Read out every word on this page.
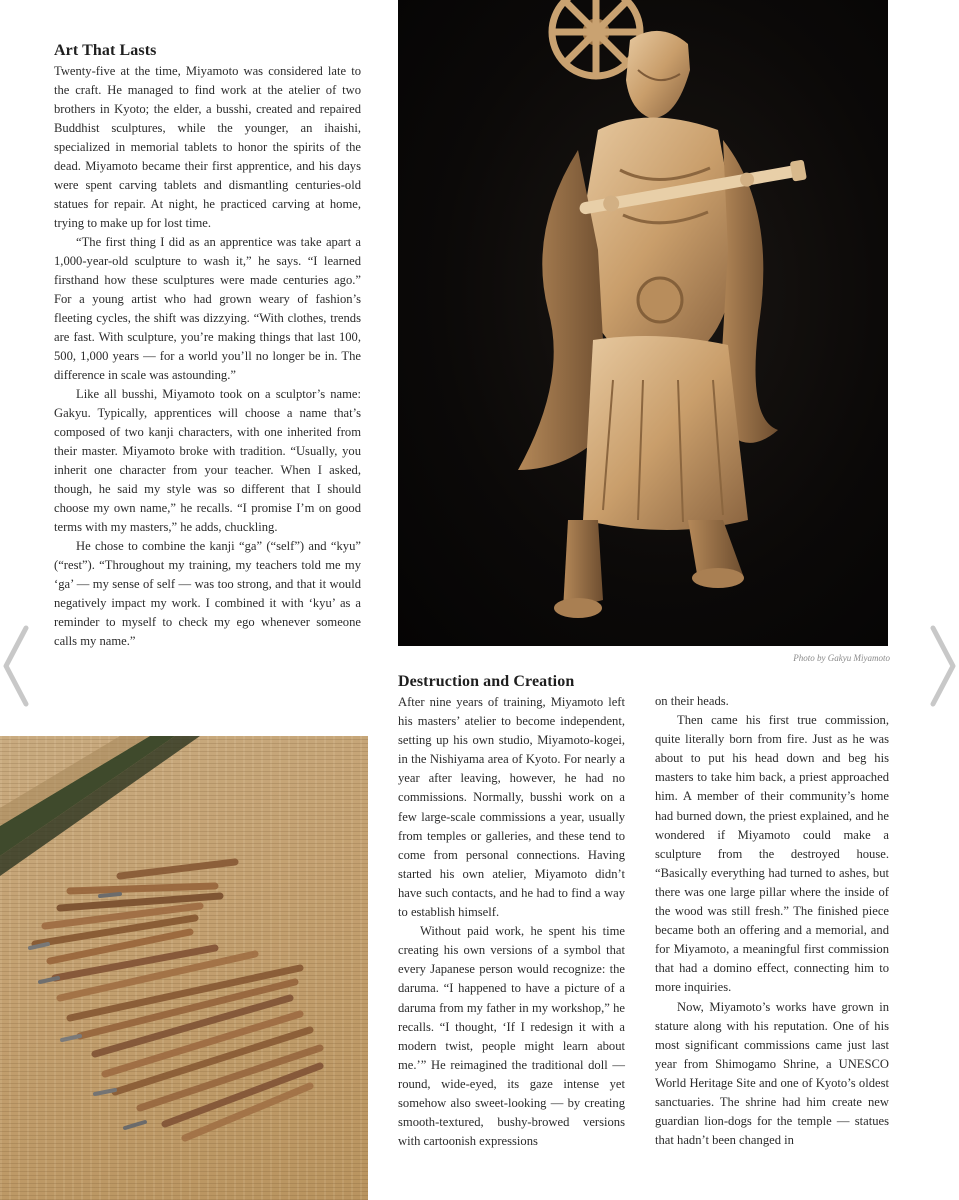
Art That Lasts

Twenty-five at the time, Miyamoto was considered late to the craft. He managed to find work at the atelier of two brothers in Kyoto; the elder, a busshi, created and repaired Buddhist sculptures, while the younger, an ihaishi, specialized in memorial tablets to honor the spirits of the dead. Miyamoto became their first apprentice, and his days were spent carving tablets and dismantling centuries-old statues for repair. At night, he practiced carving at home, trying to make up for lost time.

“The first thing I did as an apprentice was take apart a 1,000-year-old sculpture to wash it,” he says. “I learned firsthand how these sculptures were made centuries ago.” For a young artist who had grown weary of fashion’s fleeting cycles, the shift was dizzying. “With clothes, trends are fast. With sculpture, you’re making things that last 100, 500, 1,000 years — for a world you’ll no longer be in. The difference in scale was astounding.”

Like all busshi, Miyamoto took on a sculptor’s name: Gakyu. Typically, apprentices will choose a name that’s composed of two kanji characters, with one inherited from their master. Miyamoto broke with tradition. “Usually, you inherit one character from your teacher. When I asked, though, he said my style was so different that I should choose my own name,” he recalls. “I promise I’m on good terms with my masters,” he adds, chuckling.

He chose to combine the kanji “ga” (“self”) and “kyu” (“rest”). “Throughout my training, my teachers told me my ‘ga’ — my sense of self — was too strong, and that it would negatively impact my work. I combined it with ‘kyu’ as a reminder to myself to check my ego whenever someone calls my name.”

Photo by Gakyu Miyamoto
Destruction and Creation

After nine years of training, Miyamoto left his masters’ atelier to become independent, setting up his own studio, Miyamoto-kogei, in the Nishiyama area of Kyoto. For nearly a year after leaving, however, he had no commissions. Normally, busshi work on a few large-scale commissions a year, usually from temples or galleries, and these tend to come from personal connections. Having started his own atelier, Miyamoto didn’t have such contacts, and he had to find a way to establish himself.

Without paid work, he spent his time creating his own versions of a symbol that every Japanese person would recognize: the daruma. “I happened to have a picture of a daruma from my father in my workshop,” he recalls. “I thought, ‘If I redesign it with a modern twist, people might learn about me.’” He reimagined the traditional doll — round, wide-eyed, its gaze intense yet somehow also sweet-looking — by creating smooth-textured, bushy-browed versions with cartoonish expressions

on their heads.

Then came his first true commission, quite literally born from fire. Just as he was about to put his head down and beg his masters to take him back, a priest approached him. A member of their community’s home had burned down, the priest explained, and he wondered if Miyamoto could make a sculpture from the destroyed house. “Basically everything had turned to ashes, but there was one large pillar where the inside of the wood was still fresh.” The finished piece became both an offering and a memorial, and for Miyamoto, a meaningful first commission that had a domino effect, connecting him to more inquiries.

Now, Miyamoto’s works have grown in stature along with his reputation. One of his most significant commissions came just last year from Shimogamo Shrine, a UNESCO World Heritage Site and one of Kyoto’s oldest sanctuaries. The shrine had him create new guardian lion-dogs for the temple — statues that hadn’t been changed in
